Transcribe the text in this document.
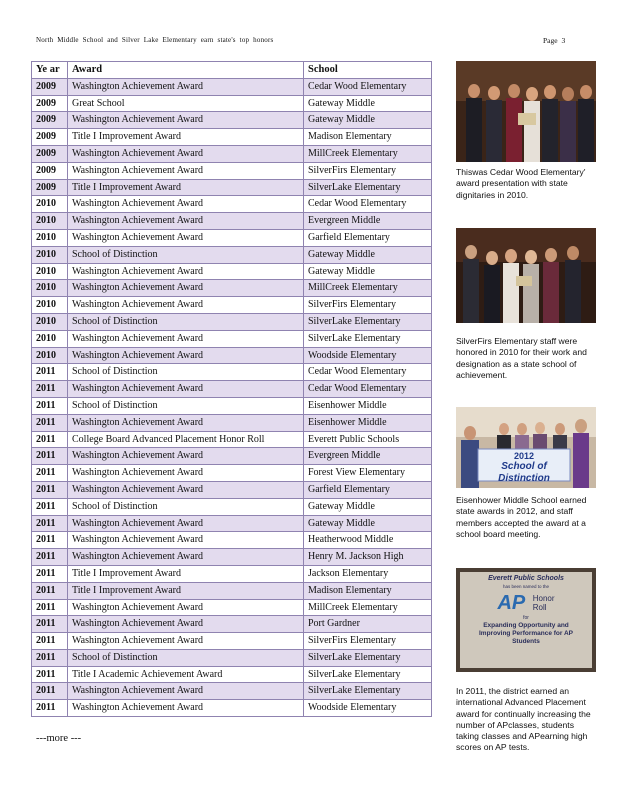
North Middle School and Silver Lake Elementary earn state's top honors	Page 3
Ye ar	Award	School
2009	Washington Achievement Award	Cedar Wood Elementary
2009	Great School	Gateway Middle
2009	Washington Achievement Award	Gateway Middle
2009	Title I Improvement Award	Madison Elementary
2009	Washington Achievement Award	MillCreek Elementary
2009	Washington Achievement Award	SilverFirs Elementary
2009	Title I Improvement Award	SilverLake Elementary
2010	Washington Achievement Award	Cedar Wood Elementary
2010	Washington Achievement Award	Evergreen Middle
2010	Washington Achievement Award	Garfield Elementary
2010	School of Distinction	Gateway Middle
2010	Washington Achievement Award	Gateway Middle
2010	Washington Achievement Award	MillCreek Elementary
2010	Washington Achievement Award	SilverFirs Elementary
2010	School of Distinction	SilverLake Elementary
2010	Washington Achievement Award	SilverLake Elementary
2010	Washington Achievement Award	Woodside Elementary
2011	School of Distinction	Cedar Wood Elementary
2011	Washington Achievement Award	Cedar Wood Elementary
2011	School of Distinction	Eisenhower Middle
2011	Washington Achievement Award	Eisenhower Middle
2011	College Board Advanced Placement Honor Roll	Everett Public Schools
2011	Washington Achievement Award	Evergreen Middle
2011	Washington Achievement Award	Forest View Elementary
2011	Washington Achievement Award	Garfield Elementary
2011	School of Distinction	Gateway Middle
2011	Washington Achievement Award	Gateway Middle
2011	Washington Achievement Award	Heatherwood Middle
2011	Washington Achievement Award	Henry M. Jackson High
2011	Title I Improvement Award	Jackson Elementary
2011	Title I Improvement Award	Madison Elementary
2011	Washington Achievement Award	MillCreek Elementary
2011	Washington Achievement Award	Port Gardner
2011	Washington Achievement Award	SilverFirs Elementary
2011	School of Distinction	SilverLake Elementary
2011	Title I Academic Achievement Award	SilverLake Elementary
2011	Washington Achievement Award	SilverLake Elementary
2011	Washington Achievement Award	Woodside Elementary
---more ---
Thiswas Cedar Wood Elementary' award presentation with state dignitaries in 2010.
SilverFirs Elementary staff were honored in 2010 for their work and designation as a state school of achievement.
2012
School of Distinction
Eisenhower Middle School earned state awards in 2012, and staff members accepted the award at a school board meeting.
Everett Public Schools
has been named to the
AP Honor
Roll
for
Expanding Opportunity and Improving Performance for AP Students
In 2011, the district earned an international Advanced Placement award for continually increasing the number of APclasses, students taking classes and APearning high scores on AP tests.
